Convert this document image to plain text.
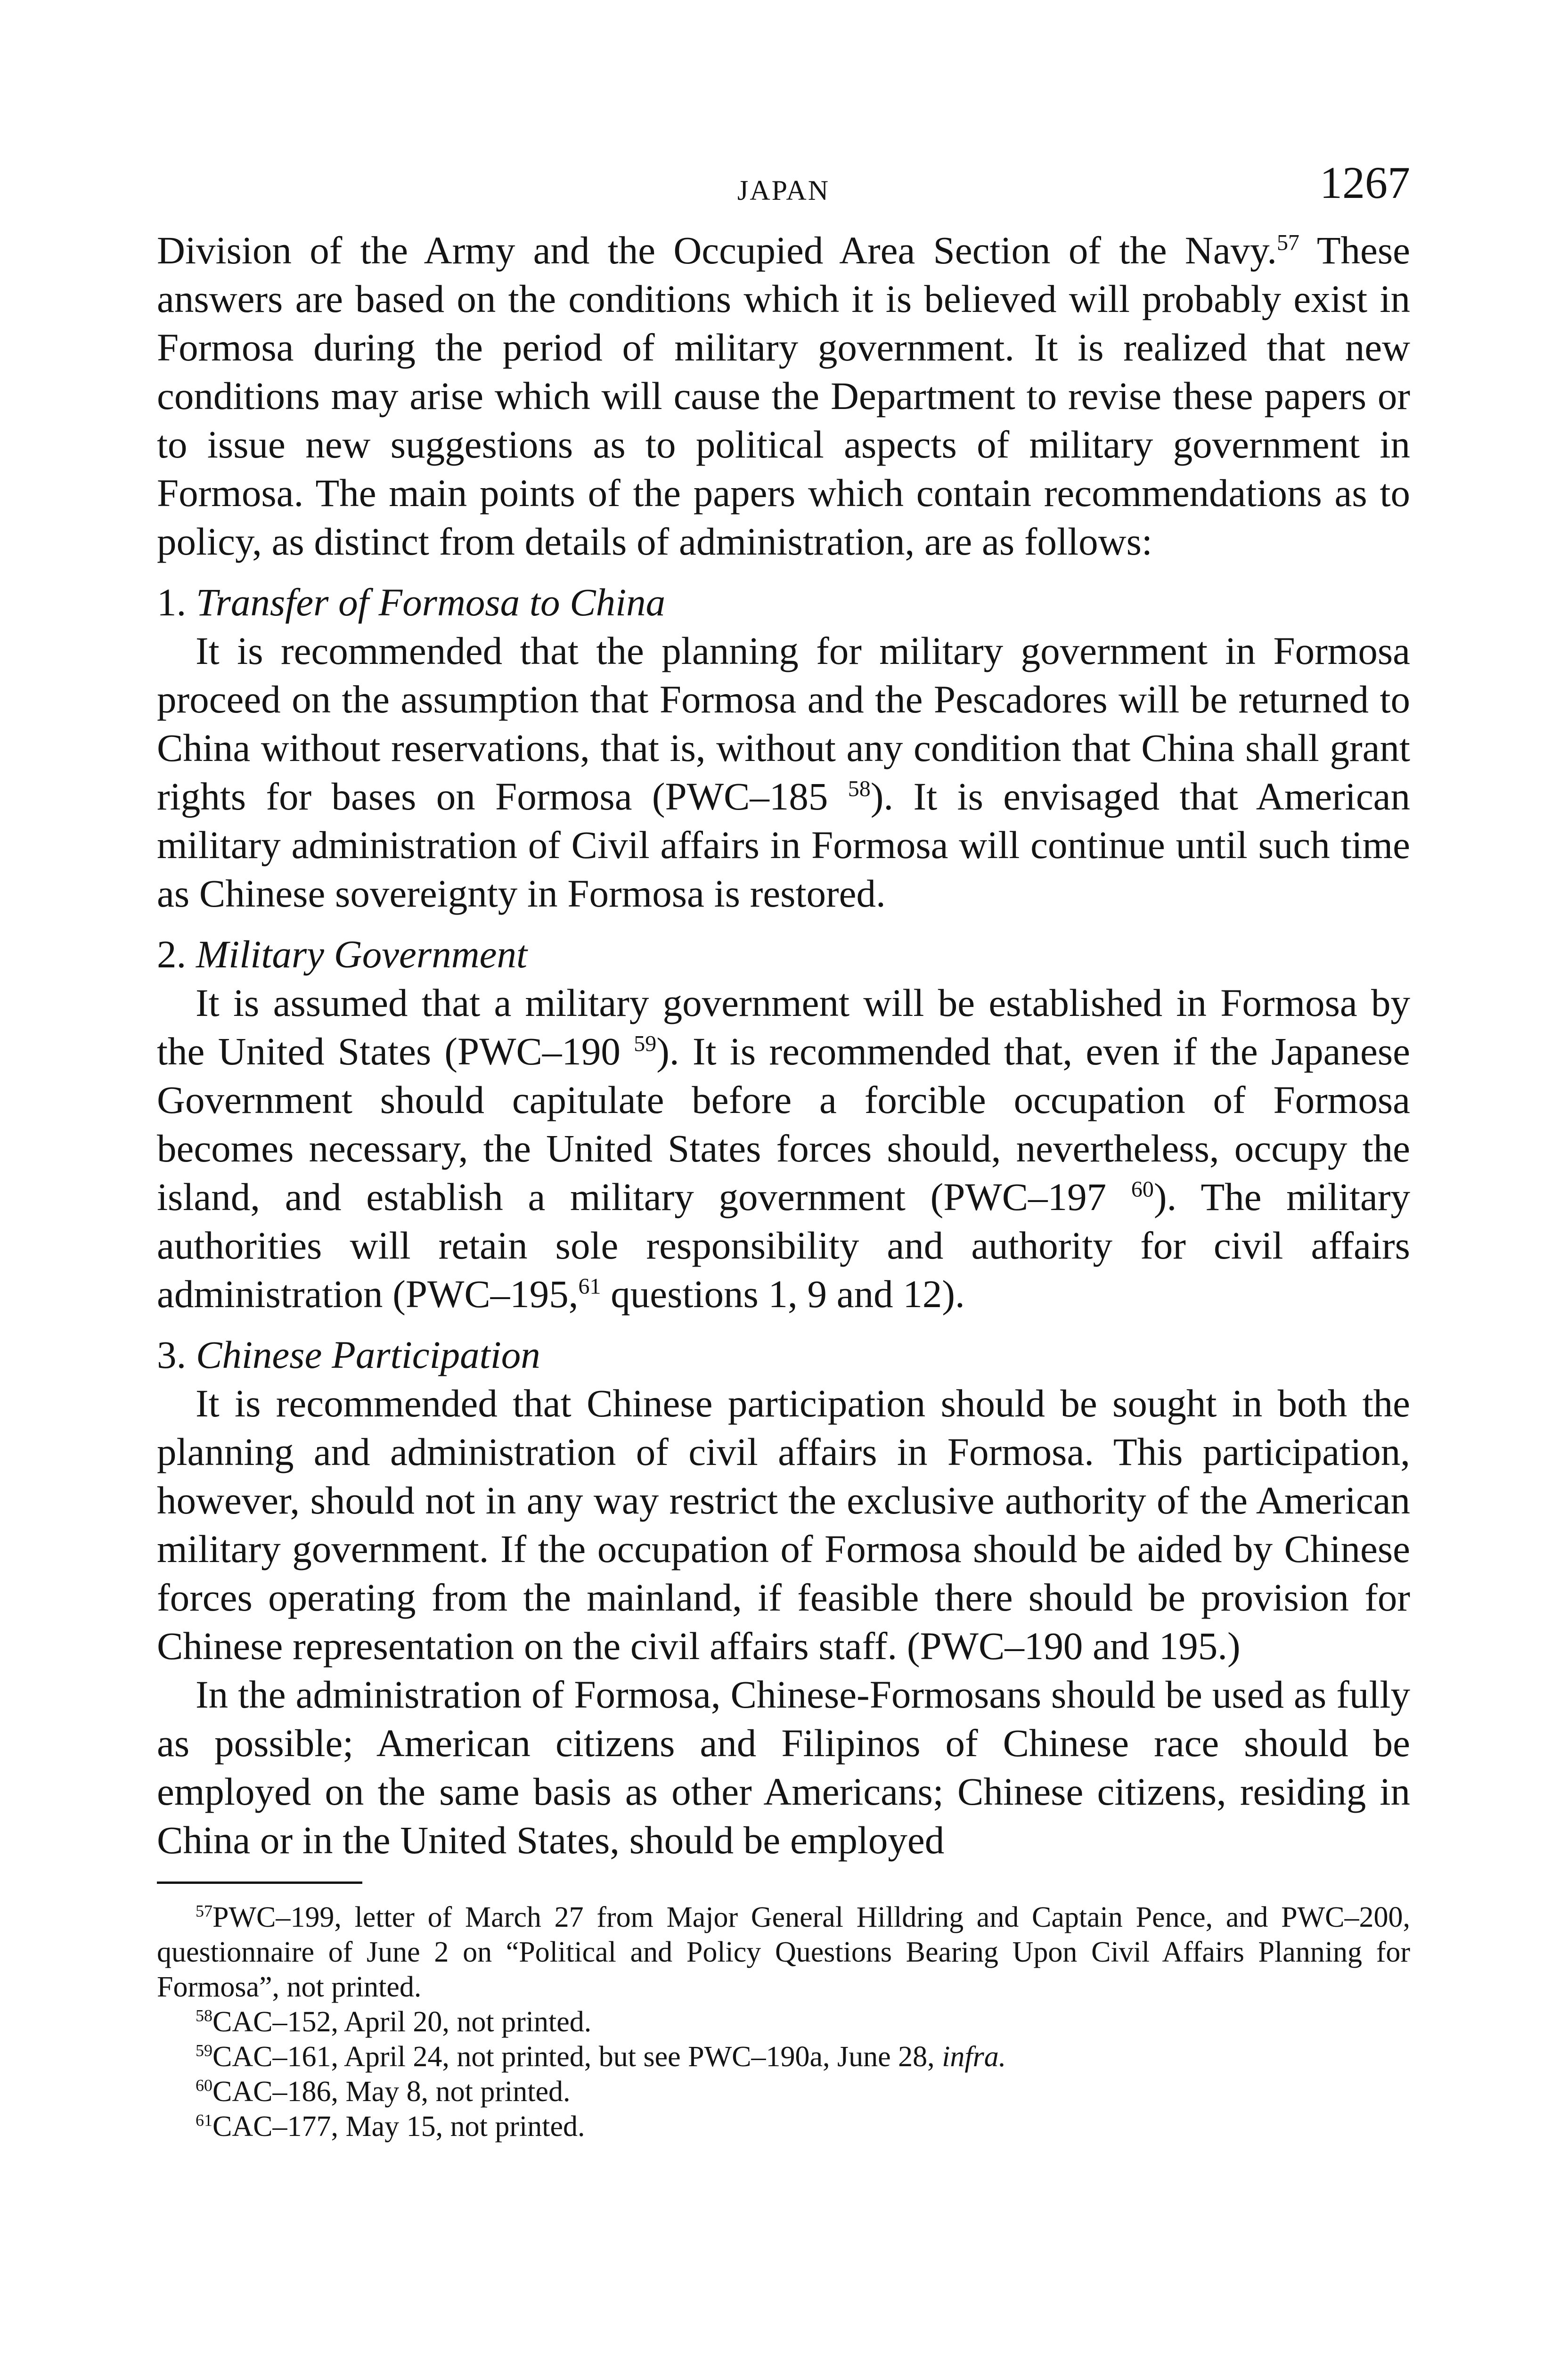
JAPAN	1267

Division of the Army and the Occupied Area Section of the Navy.$^{57}$ These answers are based on the conditions which it is believed will probably exist in Formosa during the period of military government. It is realized that new conditions may arise which will cause the Department to revise these papers or to issue new suggestions as to political aspects of military government in Formosa. The main points of the papers which contain recommendations as to policy, as distinct from details of administration, are as follows:

1. Transfer of Formosa to China

It is recommended that the planning for military government in Formosa proceed on the assumption that Formosa and the Pescadores will be returned to China without reservations, that is, without any condition that China shall grant rights for bases on Formosa (PWC–185 $^{58}$). It is envisaged that American military administration of Civil affairs in Formosa will continue until such time as Chinese sovereignty in Formosa is restored.

2. Military Government

It is assumed that a military government will be established in Formosa by the United States (PWC–190 $^{59}$). It is recommended that, even if the Japanese Government should capitulate before a forcible occupation of Formosa becomes necessary, the United States forces should, nevertheless, occupy the island, and establish a military government (PWC–197 $^{60}$). The military authorities will retain sole responsibility and authority for civil affairs administration (PWC–195,61 questions 1, 9 and 12).

3. Chinese Participation

It is recommended that Chinese participation should be sought in both the planning and administration of civil affairs in Formosa. This participation, however, should not in any way restrict the exclusive authority of the American military government. If the occupation of Formosa should be aided by Chinese forces operating from the mainland, if feasible there should be provision for Chinese representation on the civil affairs staff. (PWC–190 and 195.)

In the administration of Formosa, Chinese-Formosans should be used as fully as possible; American citizens and Filipinos of Chinese race should be employed on the same basis as other Americans; Chinese citizens, residing in China or in the United States, should be employed

$^{57}$PWC–199, letter of March 27 from Major General Hilldring and Captain Pence, and PWC–200, questionnaire of June 2 on “Political and Policy Questions Bearing Upon Civil Affairs Planning for Formosa”, not printed.

$^{58}$CAC–152, April 20, not printed.

$^{59}$CAC–161, April 24, not printed, but see PWC–190a, June 28, infra.

$^{60}$CAC–186, May 8, not printed.

$^{61}$CAC–177, May 15, not printed.
